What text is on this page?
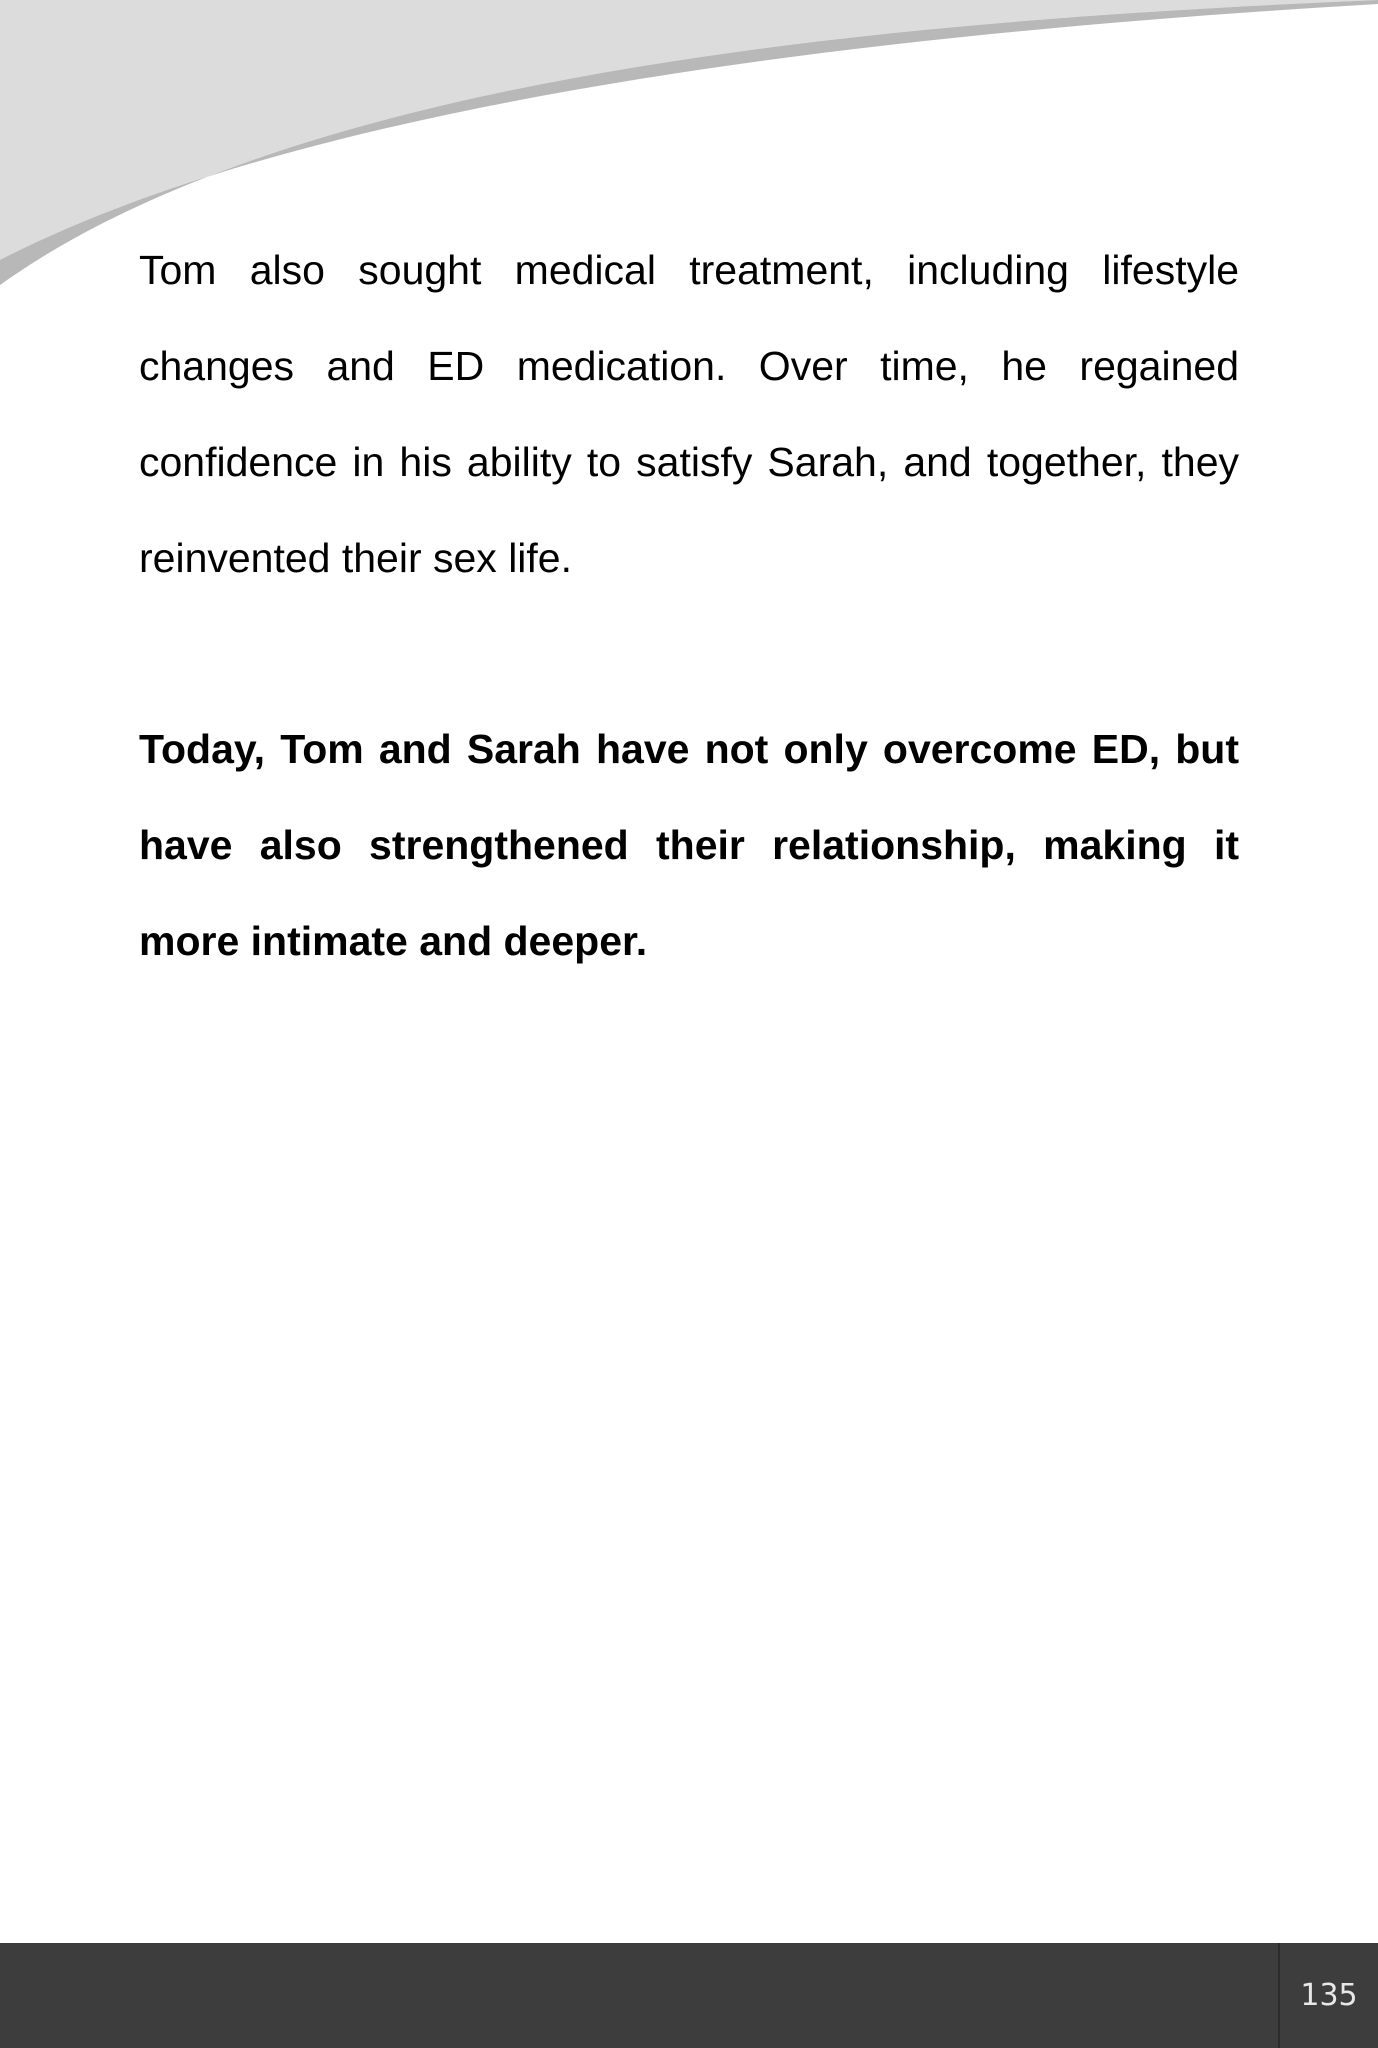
Tom also sought medical treatment, including lifestyle changes and ED medication. Over time, he regained confidence in his ability to satisfy Sarah, and together, they reinvented their sex life.

Today, Tom and Sarah have not only overcome ED, but have also strengthened their relationship, making it more intimate and deeper.

135
